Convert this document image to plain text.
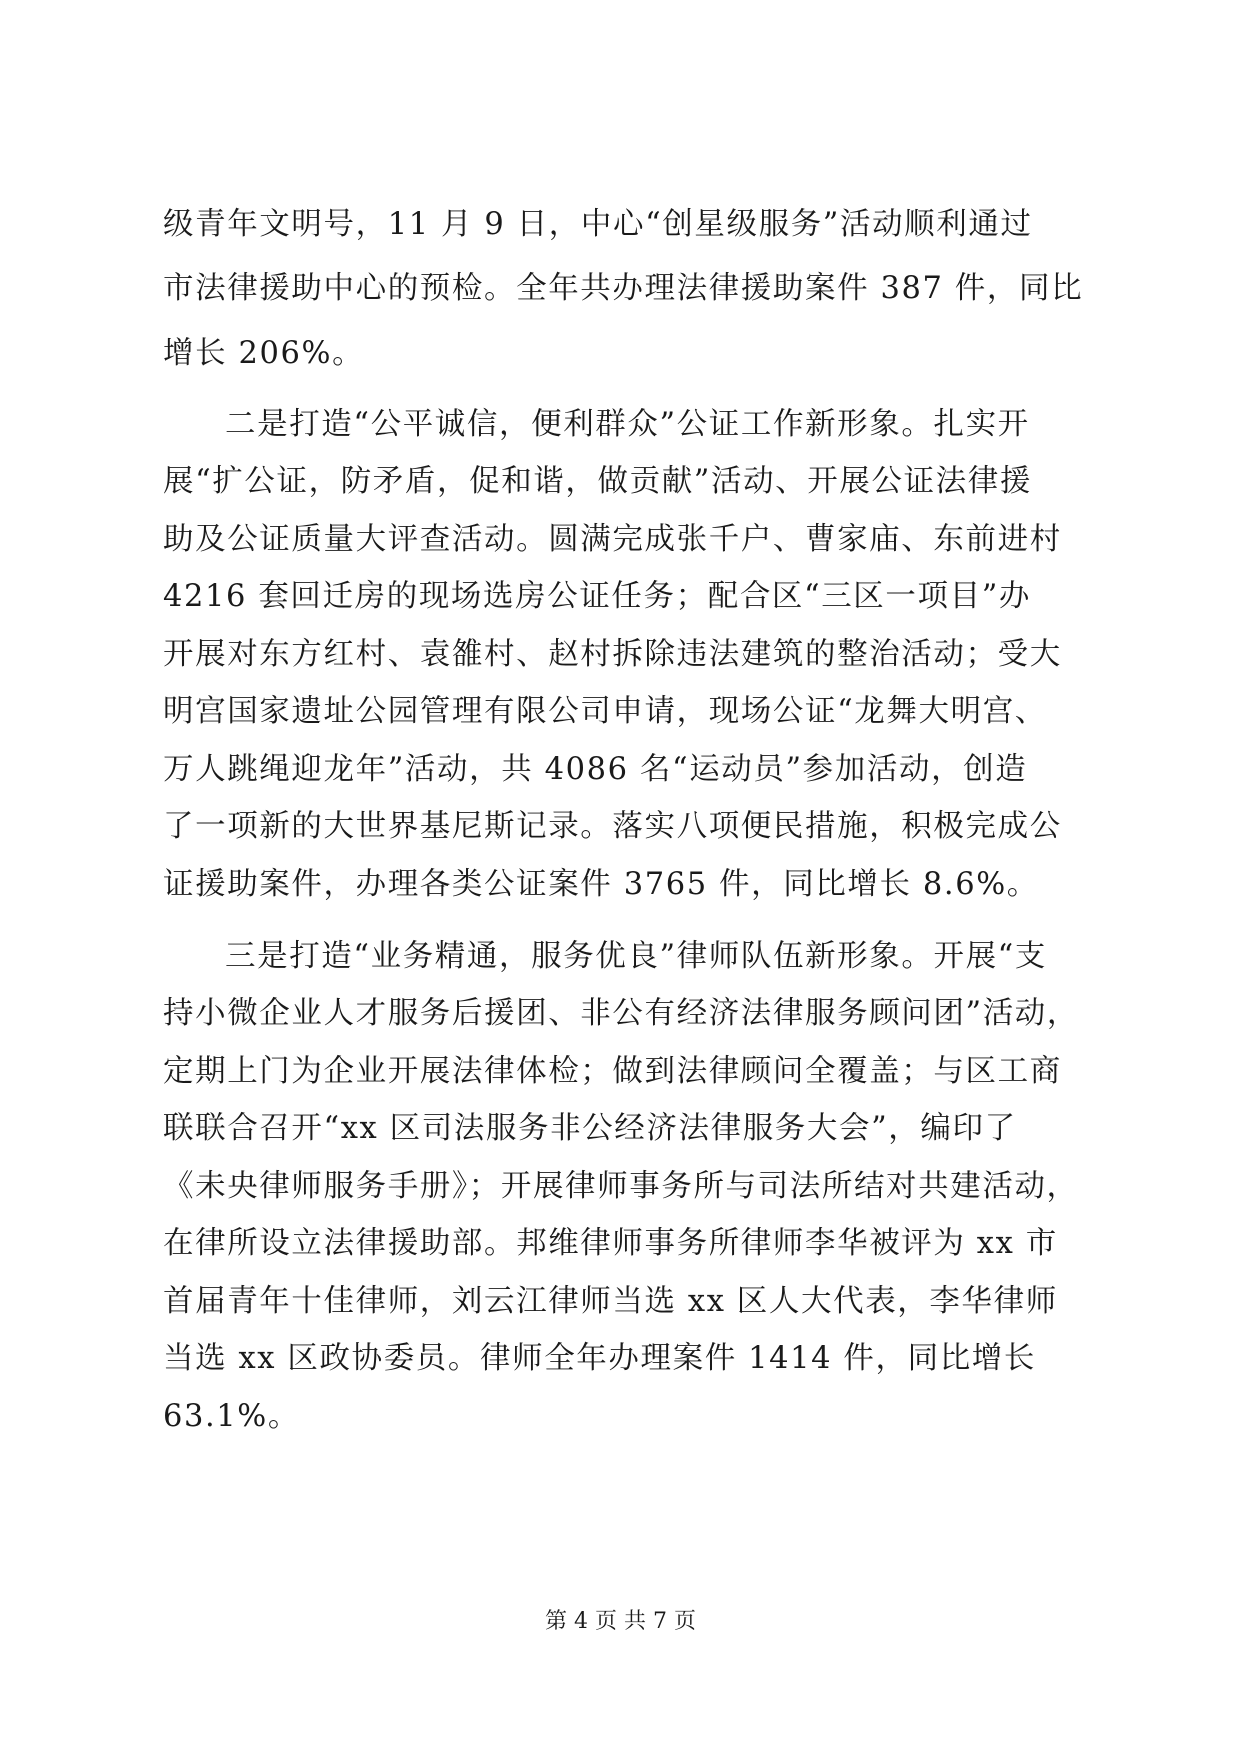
级青年文明号，11 月 9 日，中心“创星级服务”活动顺利通过
市法律援助中心的预检。全年共办理法律援助案件 387 件，同比
增长 206%。
二是打造“公平诚信，便利群众”公证工作新形象。扎实开
展“扩公证，防矛盾，促和谐，做贡献”活动、开展公证法律援
助及公证质量大评查活动。圆满完成张千户、曹家庙、东前进村
4216 套回迁房的现场选房公证任务；配合区“三区一项目”办
开展对东方红村、袁雒村、赵村拆除违法建筑的整治活动；受大
明宫国家遗址公园管理有限公司申请，现场公证“龙舞大明宫、
万人跳绳迎龙年”活动，共 4086 名“运动员”参加活动，创造
了一项新的大世界基尼斯记录。落实八项便民措施，积极完成公
证援助案件，办理各类公证案件 3765 件，同比增长 8.6%。
三是打造“业务精通，服务优良”律师队伍新形象。开展“支
持小微企业人才服务后援团、非公有经济法律服务顾问团”活动，
定期上门为企业开展法律体检；做到法律顾问全覆盖；与区工商
联联合召开“xx 区司法服务非公经济法律服务大会”，编印了
《未央律师服务手册》；开展律师事务所与司法所结对共建活动，
在律所设立法律援助部。邦维律师事务所律师李华被评为 xx 市
首届青年十佳律师，刘云江律师当选 xx 区人大代表，李华律师
当选 xx 区政协委员。律师全年办理案件 1414 件，同比增长
63.1%。
第 4 页 共 7 页
